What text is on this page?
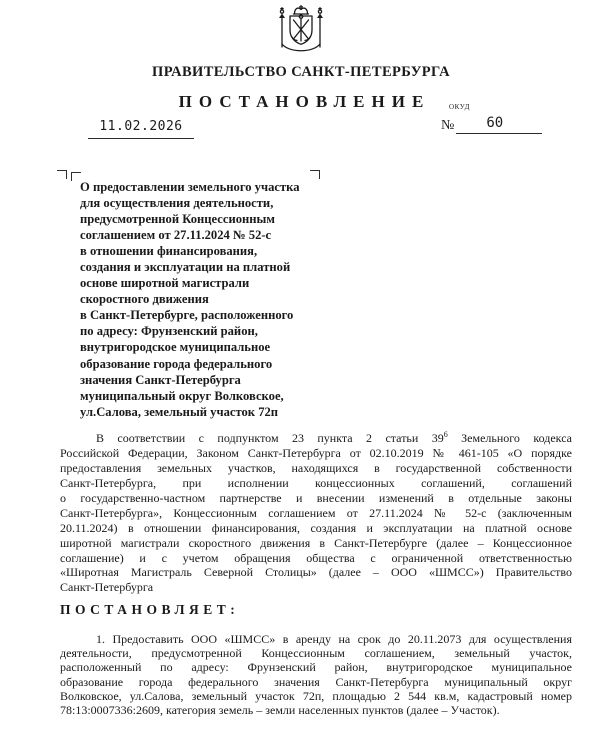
ПРАВИТЕЛЬСТВО САНКТ-ПЕТЕРБУРГА
ПОСТАНОВЛЕНИЕ	ОКУД
11.02.2026	№	60
О предоставлении земельного участка
для осуществления деятельности,
предусмотренной Концессионным
соглашением от 27.11.2024 № 52-с
в отношении финансирования,
создания и эксплуатации на платной
основе широтной магистрали
скоростного движения
в Санкт-Петербурге, расположенного
по адресу: Фрунзенский район,
внутригородское муниципальное
образование города федерального
значения Санкт-Петербурга
муниципальный округ Волковское,
ул.Салова, земельный участок 72п
В соответствии с подпунктом 23 пункта 2 статьи $39^6$ Земельного кодекса
Российской Федерации, Законом Санкт-Петербурга от 02.10.2019 № 461-105 «О порядке
предоставления земельных участков, находящихся в государственной собственности
Санкт-Петербурга, при исполнении концессионных соглашений, соглашений
о государственно-частном партнерстве и внесении изменений в отдельные законы
Санкт-Петербурга», Концессионным соглашением от 27.11.2024 № 52-с (заключенным
20.11.2024) в отношении финансирования, создания и эксплуатации на платной основе
широтной магистрали скоростного движения в Санкт-Петербурге (далее – Концессионное
соглашение) и с учетом обращения общества с ограниченной ответственностью
«Широтная Магистраль Северной Столицы» (далее – ООО «ШМСС») Правительство
Санкт-Петербурга
ПОСТАНОВЛЯЕТ:
1. Предоставить ООО «ШМСС» в аренду на срок до 20.11.2073 для осуществления
деятельности, предусмотренной Концессионным соглашением, земельный участок,
расположенный по адресу: Фрунзенский район, внутригородское муниципальное
образование города федерального значения Санкт-Петербурга муниципальный округ
Волковское, ул.Салова, земельный участок 72п, площадью 2 544 кв.м, кадастровый номер
78:13:0007336:2609, категория земель – земли населенных пунктов (далее – Участок).
